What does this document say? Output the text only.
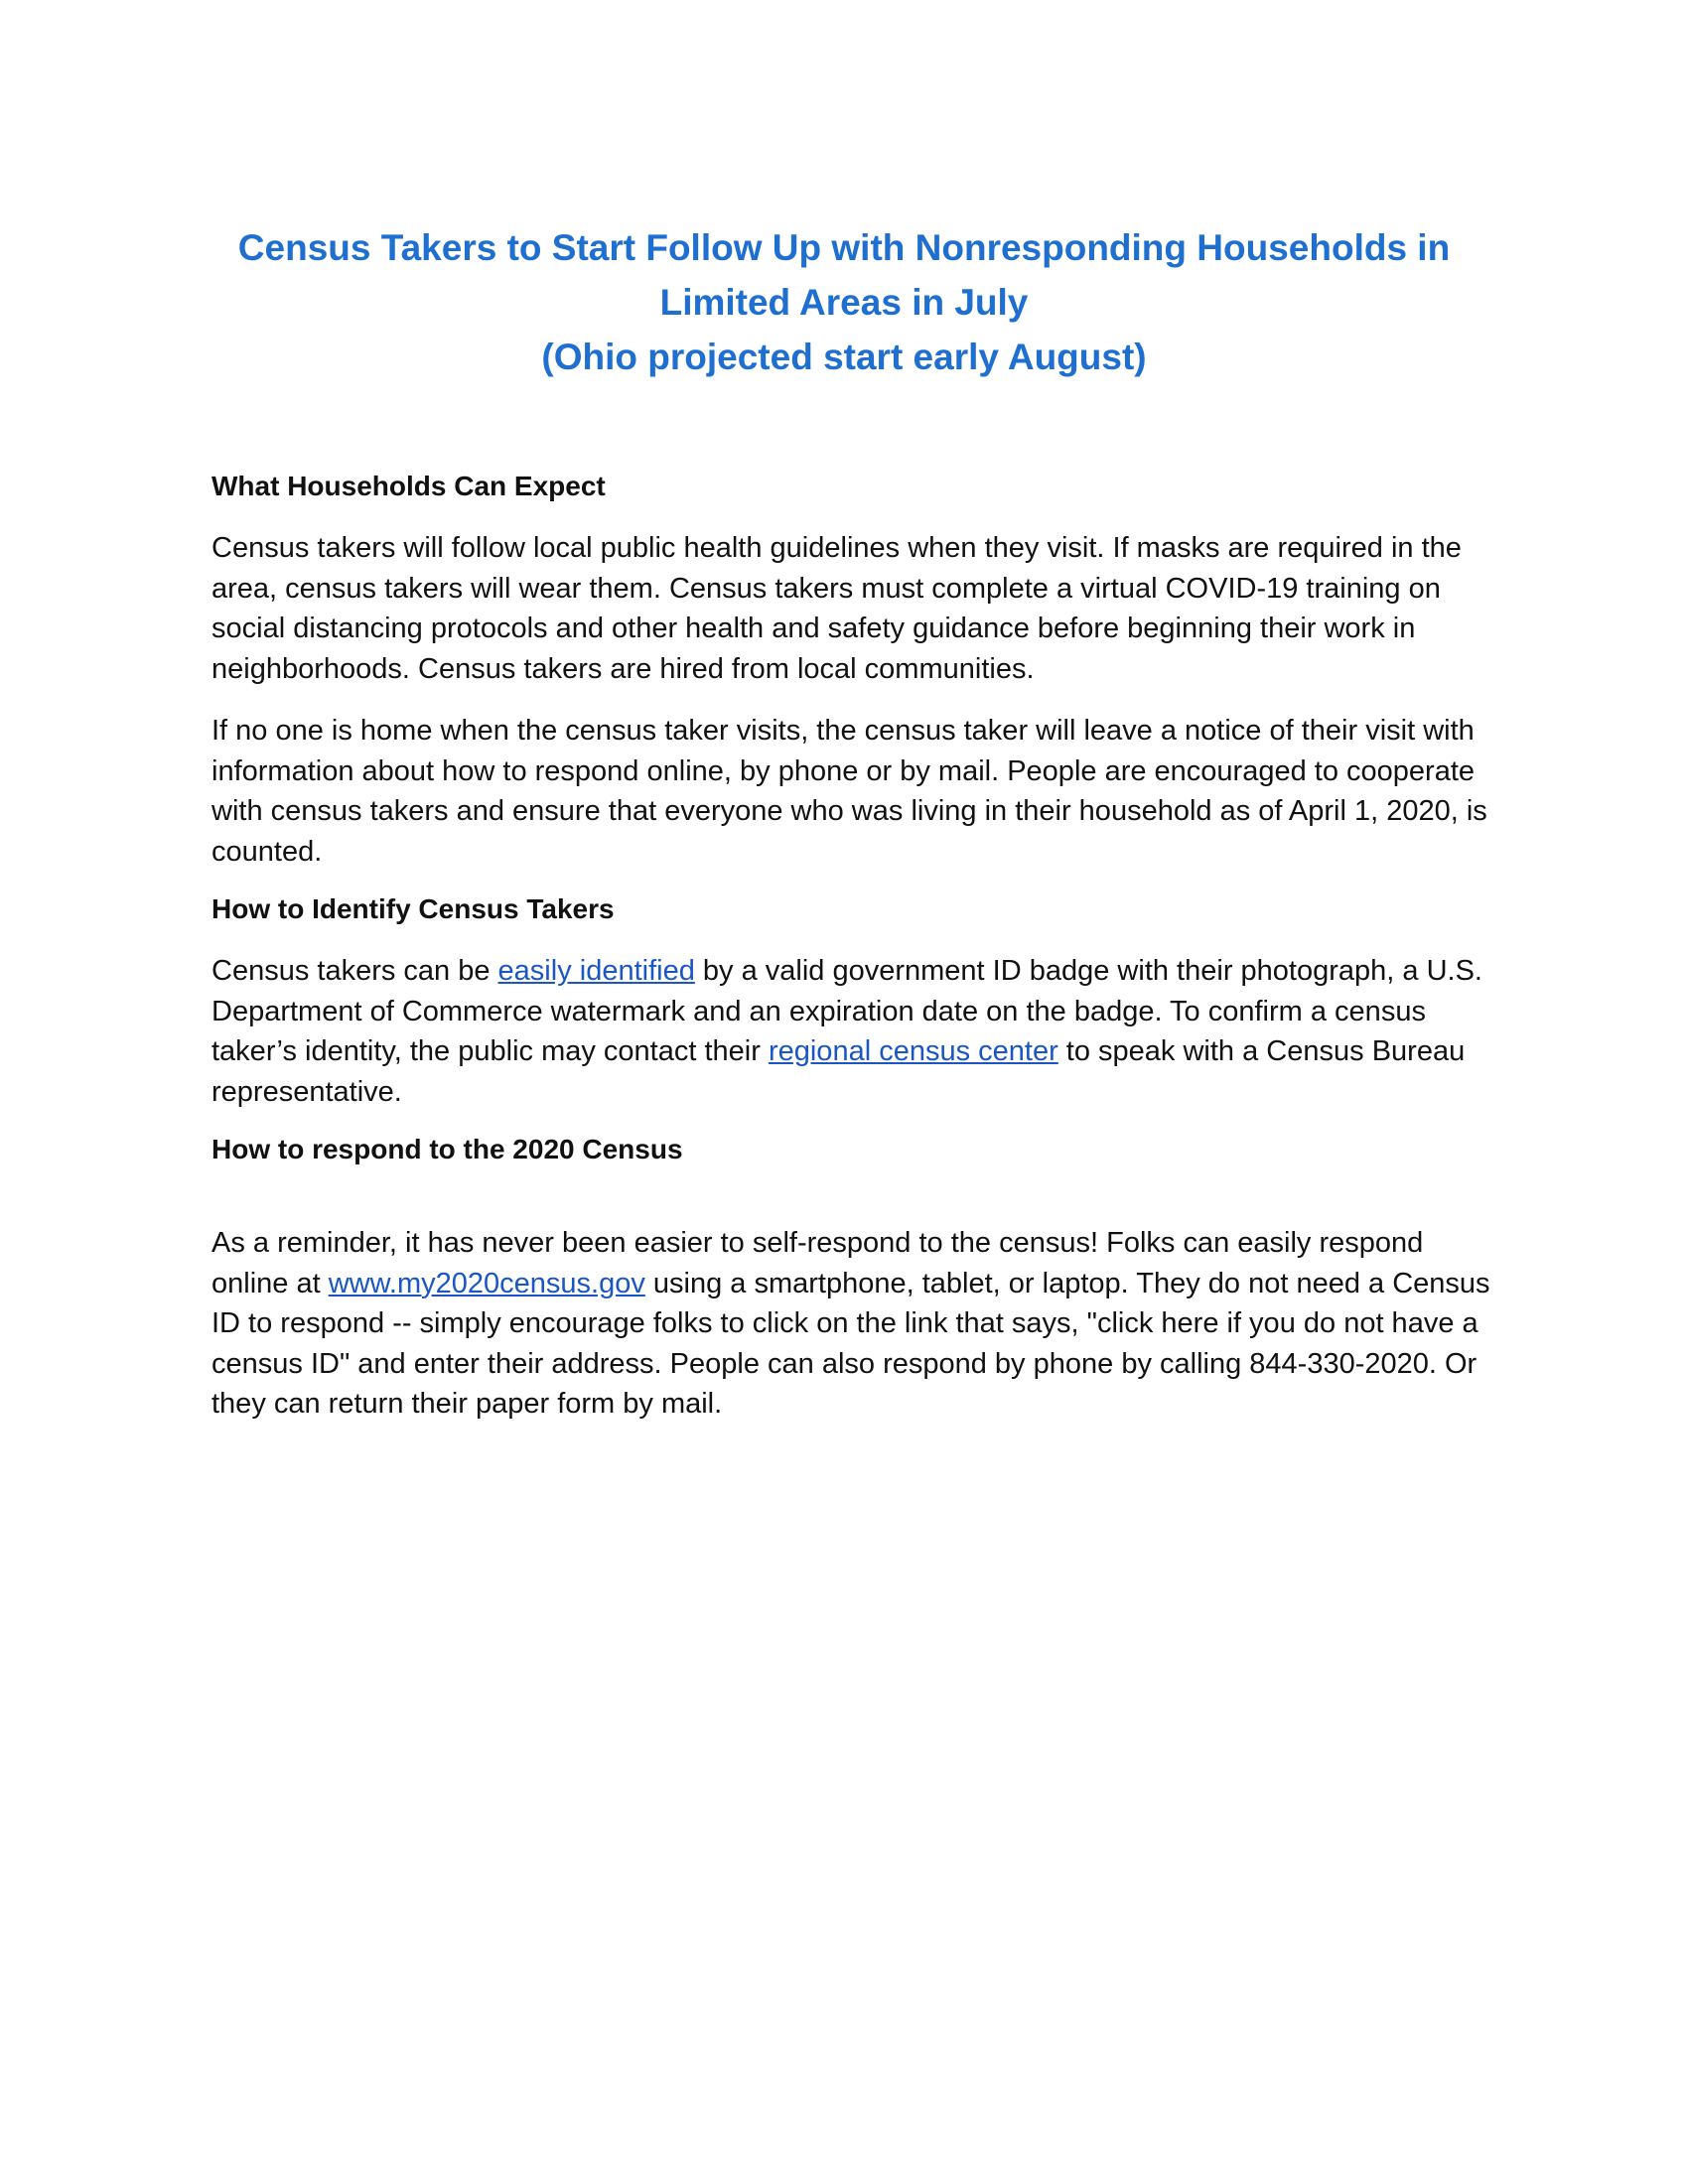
Census Takers to Start Follow Up with Nonresponding Households in
Limited Areas in July
(Ohio projected start early August)
What Households Can Expect

Census takers will follow local public health guidelines when they visit. If masks are required in the area, census takers will wear them. Census takers must complete a virtual COVID-19 training on social distancing protocols and other health and safety guidance before beginning their work in neighborhoods. Census takers are hired from local communities.

If no one is home when the census taker visits, the census taker will leave a notice of their visit with information about how to respond online, by phone or by mail. People are encouraged to cooperate with census takers and ensure that everyone who was living in their household as of April 1, 2020, is counted.

How to Identify Census Takers

Census takers can be easily identified by a valid government ID badge with their photograph, a U.S. Department of Commerce watermark and an expiration date on the badge. To confirm a census taker’s identity, the public may contact their regional census center to speak with a Census Bureau representative.

How to respond to the 2020 Census

As a reminder, it has never been easier to self-respond to the census! Folks can easily respond online at www.my2020census.gov using a smartphone, tablet, or laptop. They do not need a Census ID to respond -- simply encourage folks to click on the link that says, "click here if you do not have a census ID" and enter their address. People can also respond by phone by calling 844-330-2020. Or they can return their paper form by mail.
